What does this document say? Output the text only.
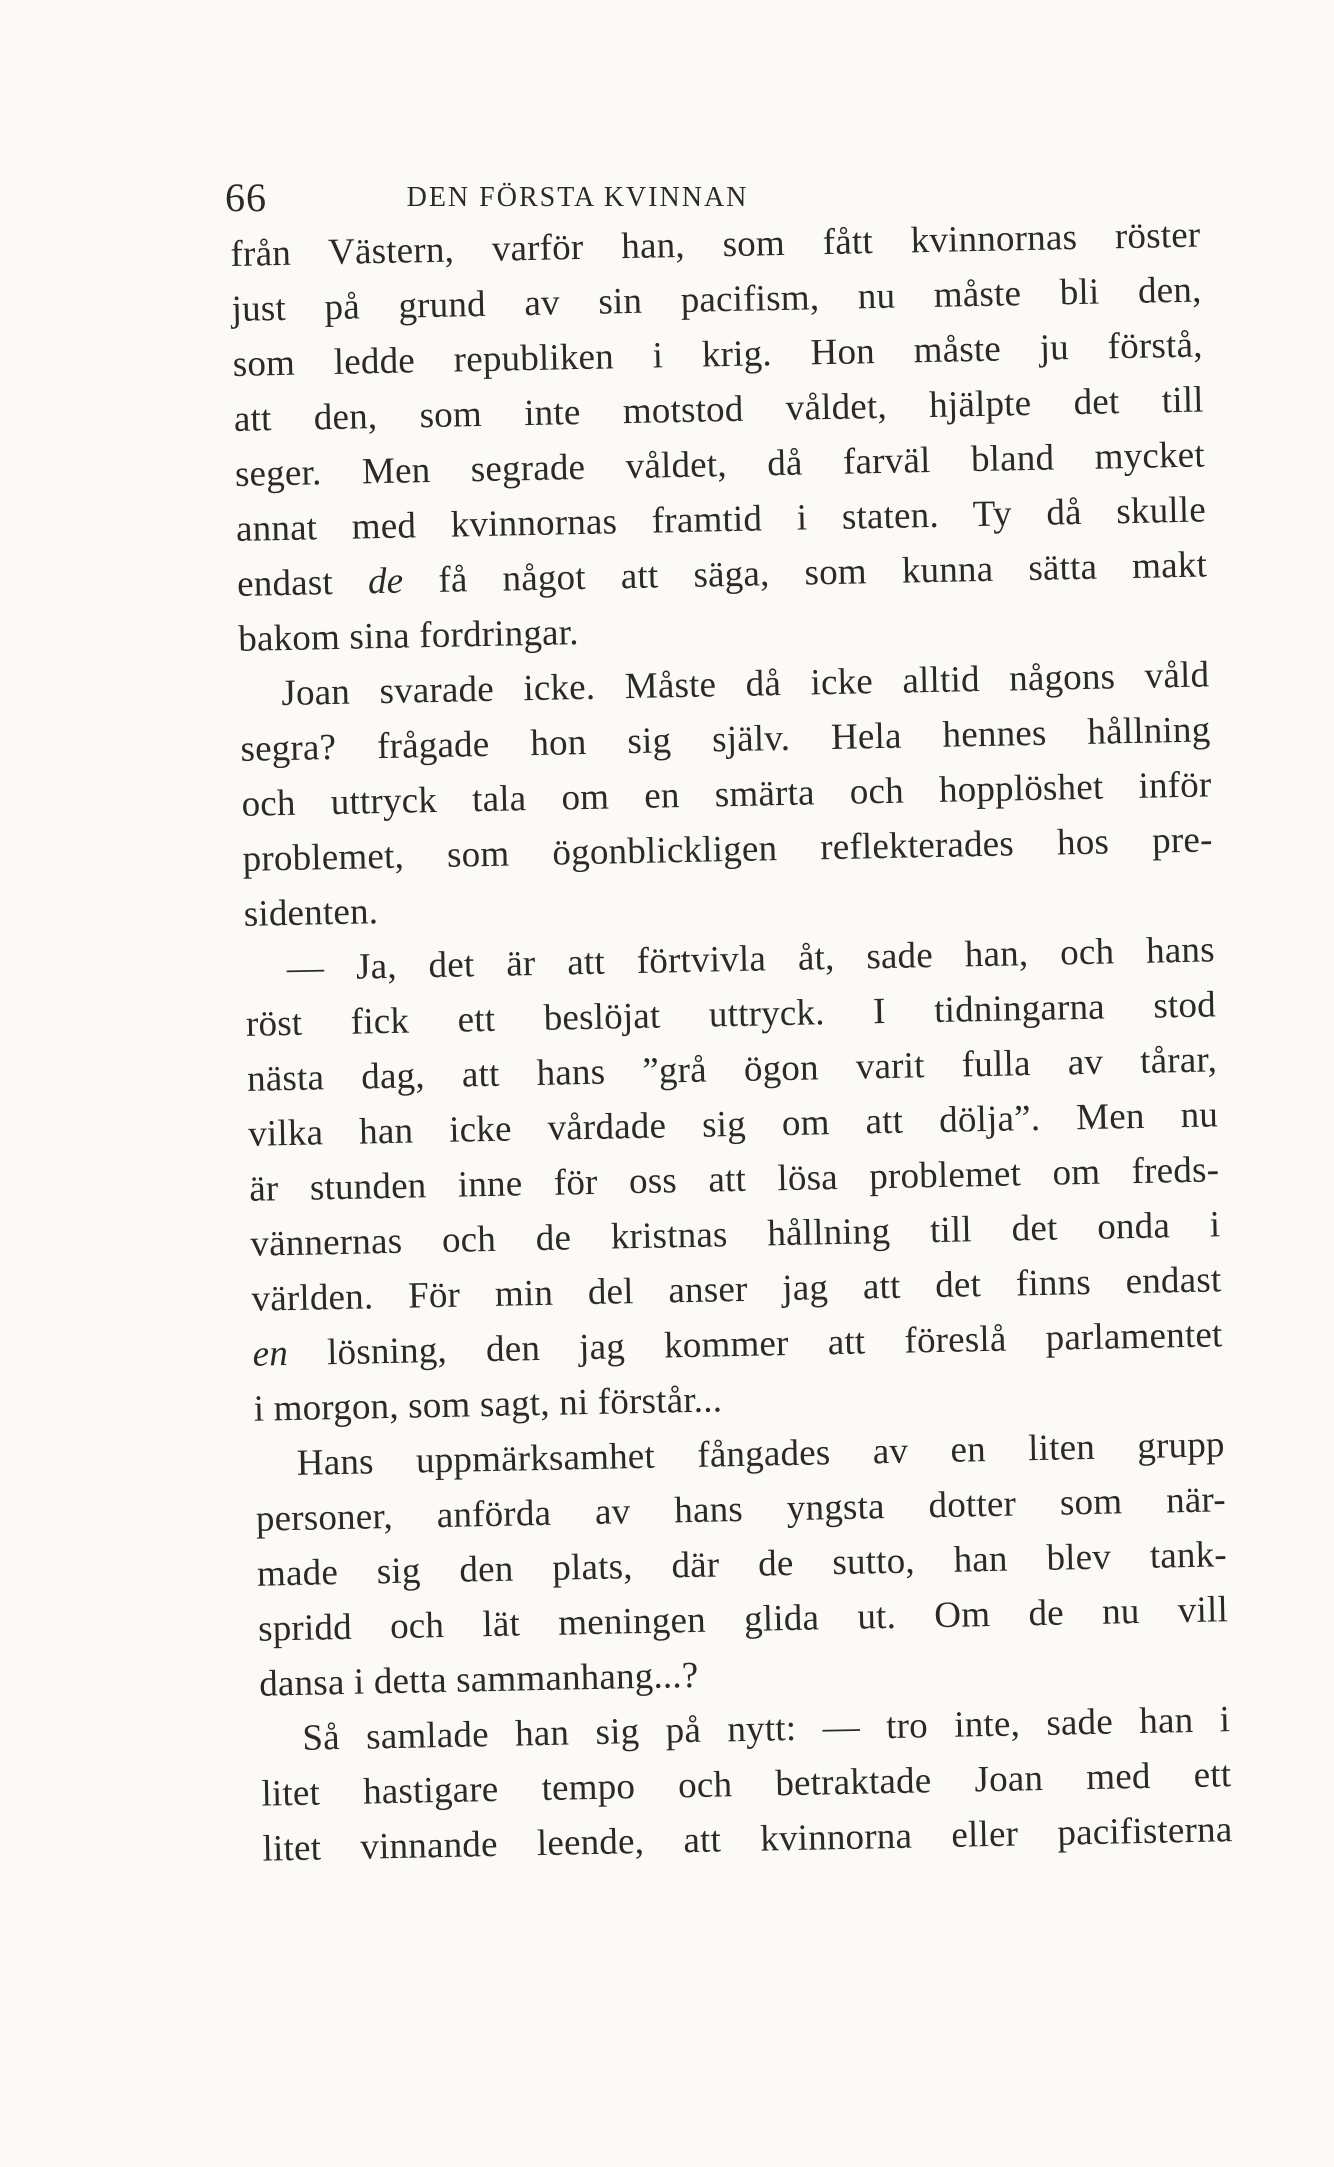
66	DEN FÖRSTA KVINNAN
från Västern, varför han, som fått kvinnornas röster
just på grund av sin pacifism, nu måste bli den,
som ledde republiken i krig. Hon måste ju förstå,
att den, som inte motstod våldet, hjälpte det till
seger. Men segrade våldet, då farväl bland mycket
annat med kvinnornas framtid i staten. Ty då skulle
endast de få något att säga, som kunna sätta makt
bakom sina fordringar.
Joan svarade icke. Måste då icke alltid någons våld
segra? frågade hon sig själv. Hela hennes hållning
och uttryck tala om en smärta och hopplöshet inför
problemet, som ögonblickligen reflekterades hos pre-
sidenten.
— Ja, det är att förtvivla åt, sade han, och hans
röst fick ett beslöjat uttryck. I tidningarna stod
nästa dag, att hans ”grå ögon varit fulla av tårar,
vilka han icke vårdade sig om att dölja”. Men nu
är stunden inne för oss att lösa problemet om freds-
vännernas och de kristnas hållning till det onda i
världen. För min del anser jag att det finns endast
en lösning, den jag kommer att föreslå parlamentet
i morgon, som sagt, ni förstår...
Hans uppmärksamhet fångades av en liten grupp
personer, anförda av hans yngsta dotter som när-
made sig den plats, där de sutto, han blev tank-
spridd och lät meningen glida ut. Om de nu vill
dansa i detta sammanhang...?
Så samlade han sig på nytt: — tro inte, sade han i
litet hastigare tempo och betraktade Joan med ett
litet vinnande leende, att kvinnorna eller pacifisterna
